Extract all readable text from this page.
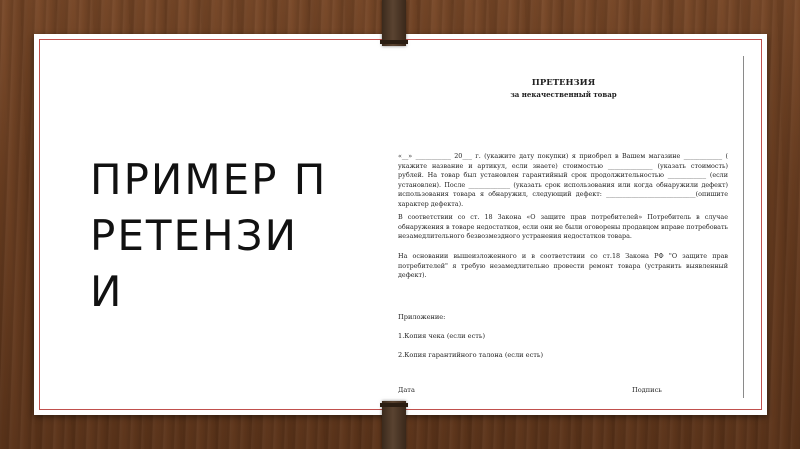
ПРИМЕР ПРЕТЕНЗИИ

ПРЕТЕНЗИЯ

за некачественный товар

«__» ___________ 20___ г. (укажите дату покупки) я приобрел в Вашем магазине ____________ ( укажите название и артикул, если знаете) стоимостью ______________ (указать стоимость) рублей. На товар был установлен гарантийный срок продолжительностью ____________ (если установлен). После _____________ (указать срок использования или когда обнаружили дефект) использования товара я обнаружил, следующий дефект: ____________________________(опишите характер дефекта).

В соответствии со ст. 18 Закона «О защите прав потребителей» Потребитель в случае обнаружения в товаре недостатков, если они не были оговорены продавцом вправе потребовать незамедлительного безвозмездного устранения недостатков товара.

На основании вышеизложенного и в соответствии со ст.18 Закона РФ "О защите прав потребителей" я требую незамедлительно провести ремонт товара (устранить выявленный дефект).

Приложение:

1.Копия чека (если есть)

2.Копия гарантийного талона (если есть)

Дата	Подпись
